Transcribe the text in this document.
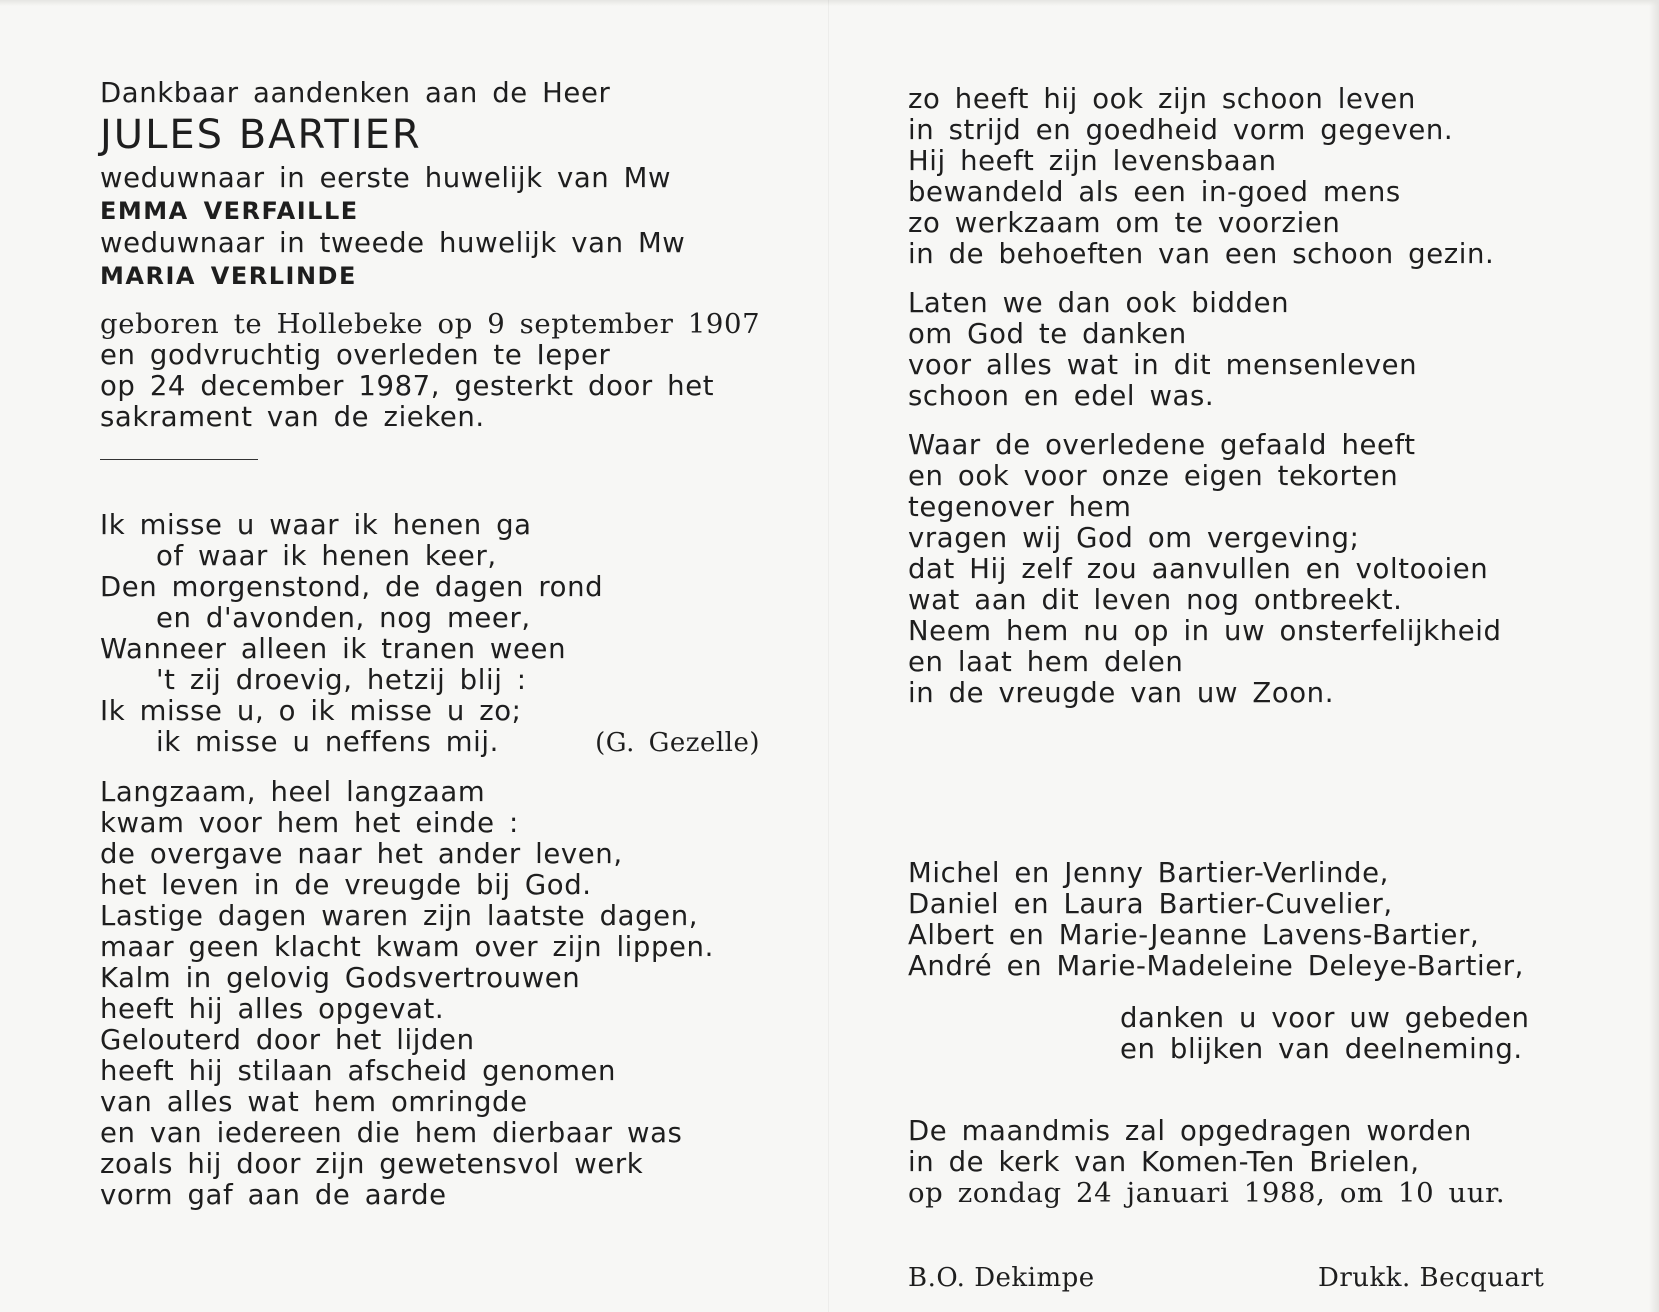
Dankbaar aandenken aan de Heer
JULES BARTIER
weduwnaar in eerste huwelijk van Mw
EMMA VERFAILLE
weduwnaar in tweede huwelijk van Mw
MARIA VERLINDE
geboren te Hollebeke op 9 september 1907
en godvruchtig overleden te Ieper
op 24 december 1987, gesterkt door het
sakrament van de zieken.
Ik misse u waar ik henen ga
of waar ik henen keer,
Den morgenstond, de dagen rond
en d'avonden, nog meer,
Wanneer alleen ik tranen ween
't zij droevig, hetzij blij :
Ik misse u, o ik misse u zo;
ik misse u neffens mij.	(G. Gezelle)
Langzaam, heel langzaam
kwam voor hem het einde :
de overgave naar het ander leven,
het leven in de vreugde bij God.
Lastige dagen waren zijn laatste dagen,
maar geen klacht kwam over zijn lippen.
Kalm in gelovig Godsvertrouwen
heeft hij alles opgevat.
Gelouterd door het lijden
heeft hij stilaan afscheid genomen
van alles wat hem omringde
en van iedereen die hem dierbaar was
zoals hij door zijn gewetensvol werk
vorm gaf aan de aarde
zo heeft hij ook zijn schoon leven
in strijd en goedheid vorm gegeven.
Hij heeft zijn levensbaan
bewandeld als een in-goed mens
zo werkzaam om te voorzien
in de behoeften van een schoon gezin.
Laten we dan ook bidden
om God te danken
voor alles wat in dit mensenleven
schoon en edel was.
Waar de overledene gefaald heeft
en ook voor onze eigen tekorten
tegenover hem
vragen wij God om vergeving;
dat Hij zelf zou aanvullen en voltooien
wat aan dit leven nog ontbreekt.
Neem hem nu op in uw onsterfelijkheid
en laat hem delen
in de vreugde van uw Zoon.
Michel en Jenny Bartier-Verlinde,
Daniel en Laura Bartier-Cuvelier,
Albert en Marie-Jeanne Lavens-Bartier,
André en Marie-Madeleine Deleye-Bartier,
danken u voor uw gebeden
en blijken van deelneming.
De maandmis zal opgedragen worden
in de kerk van Komen-Ten Brielen,
op zondag 24 januari 1988, om 10 uur.
B.O. Dekimpe	Drukk. Becquart
